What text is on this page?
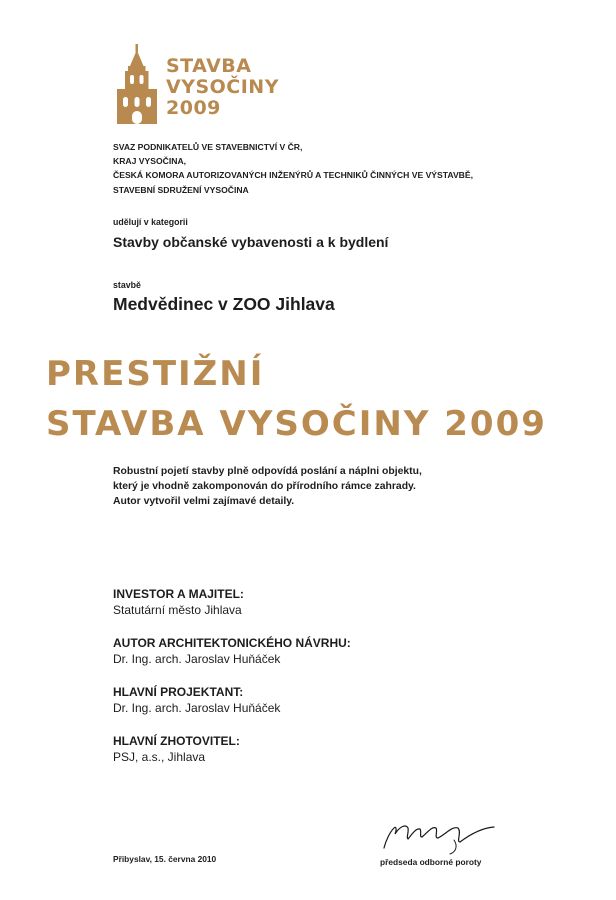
STAVBA
VYSOČINY
2009
SVAZ PODNIKATELŮ VE STAVEBNICTVÍ V ČR,
KRAJ VYSOČINA,
ČESKÁ KOMORA AUTORIZOVANÝCH INŽENÝRŮ A TECHNIKŮ ČINNÝCH VE VÝSTAVBĚ,
STAVEBNÍ SDRUŽENÍ VYSOČINA
udělují v kategorii
Stavby občanské vybavenosti a k bydlení
stavbě
Medvědinec v ZOO Jihlava
PRESTIŽNÍ
STAVBA VYSOČINY 2009
Robustní pojetí stavby plně odpovídá poslání a náplni objektu,
který je vhodně zakomponován do přírodního rámce zahrady.
Autor vytvořil velmi zajímavé detaily.
INVESTOR A MAJITEL:
Statutární město Jihlava
AUTOR ARCHITEKTONICKÉHO NÁVRHU:
Dr. Ing. arch. Jaroslav Huňáček
HLAVNÍ PROJEKTANT:
Dr. Ing. arch. Jaroslav Huňáček
HLAVNÍ ZHOTOVITEL:
PSJ, a.s., Jihlava
Přibyslav, 15. června 2010	předseda odborné poroty
